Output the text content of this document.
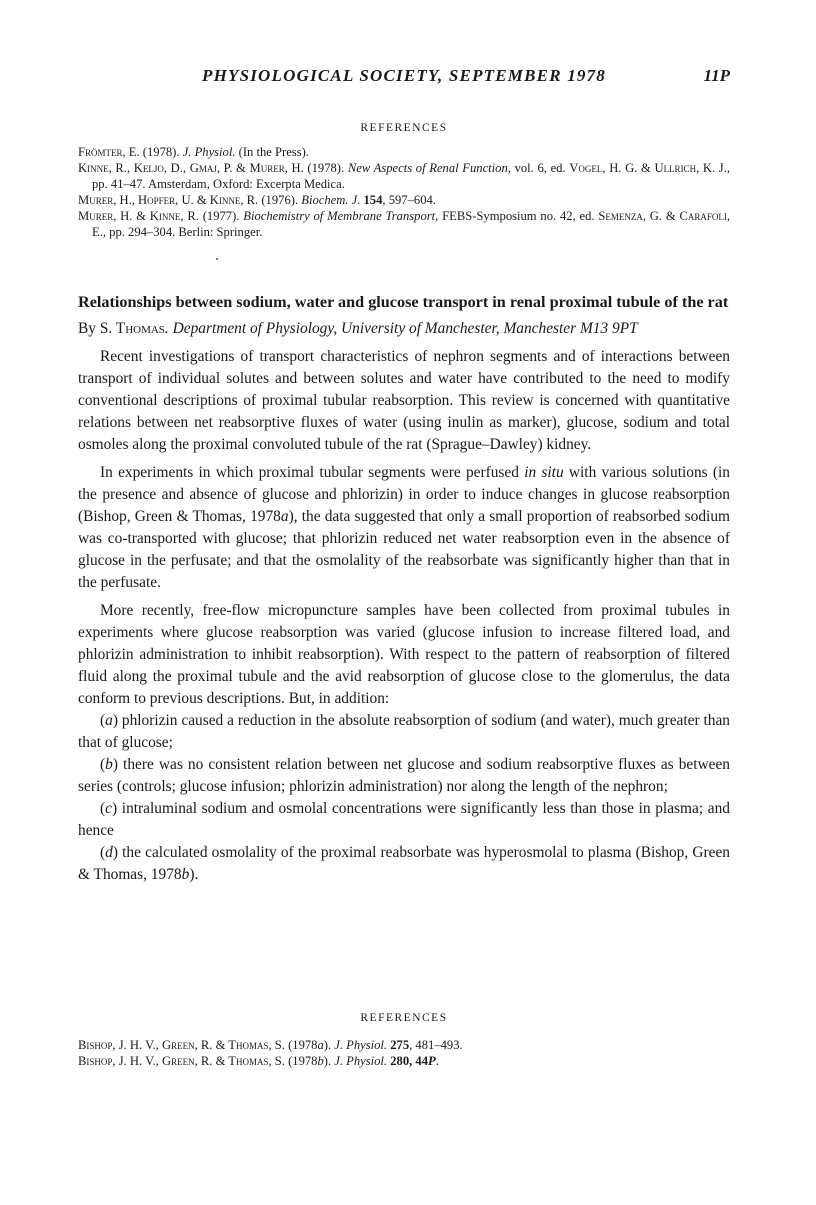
PHYSIOLOGICAL SOCIETY, SEPTEMBER 1978	11P

REFERENCES

Frömter, E. (1978). J. Physiol. (In the Press).
Kinne, R., Keljo, D., Gmaj, P. & Murer, H. (1978). New Aspects of Renal Function, vol. 6, ed. Vogel, H. G. & Ullrich, K. J., pp. 41–47. Amsterdam, Oxford: Excerpta Medica.
Murer, H., Hopfer, U. & Kinne, R. (1976). Biochem. J. 154, 597–604.
Murer, H. & Kinne, R. (1977). Biochemistry of Membrane Transport, FEBS-Symposium no. 42, ed. Semenza, G. & Carafoli, E., pp. 294–304. Berlin: Springer.
Relationships between sodium, water and glucose transport in renal proximal tubule of the rat

By S. Thomas. Department of Physiology, University of Manchester, Manchester M13 9PT

Recent investigations of transport characteristics of nephron segments and of interactions between transport of individual solutes and between solutes and water have contributed to the need to modify conventional descriptions of proximal tubular reabsorption. This review is concerned with quantitative relations between net reabsorptive fluxes of water (using inulin as marker), glucose, sodium and total osmoles along the proximal convoluted tubule of the rat (Sprague–Dawley) kidney.

In experiments in which proximal tubular segments were perfused in situ with various solutions (in the presence and absence of glucose and phlorizin) in order to induce changes in glucose reabsorption (Bishop, Green & Thomas, 1978a), the data suggested that only a small proportion of reabsorbed sodium was co-transported with glucose; that phlorizin reduced net water reabsorption even in the absence of glucose in the perfusate; and that the osmolality of the reabsorbate was significantly higher than that in the perfusate.

More recently, free-flow micropuncture samples have been collected from proximal tubules in experiments where glucose reabsorption was varied (glucose infusion to increase filtered load, and phlorizin administration to inhibit reabsorption). With respect to the pattern of reabsorption of filtered fluid along the proximal tubule and the avid reabsorption of glucose close to the glomerulus, the data conform to previous descriptions. But, in addition:

(a) phlorizin caused a reduction in the absolute reabsorption of sodium (and water), much greater than that of glucose;

(b) there was no consistent relation between net glucose and sodium reabsorptive fluxes as between series (controls; glucose infusion; phlorizin administration) nor along the length of the nephron;

(c) intraluminal sodium and osmolal concentrations were significantly less than those in plasma; and hence

(d) the calculated osmolality of the proximal reabsorbate was hyperosmolal to plasma (Bishop, Green & Thomas, 1978b).

REFERENCES

Bishop, J. H. V., Green, R. & Thomas, S. (1978a). J. Physiol. 275, 481–493.
Bishop, J. H. V., Green, R. & Thomas, S. (1978b). J. Physiol. 280, 44P.
